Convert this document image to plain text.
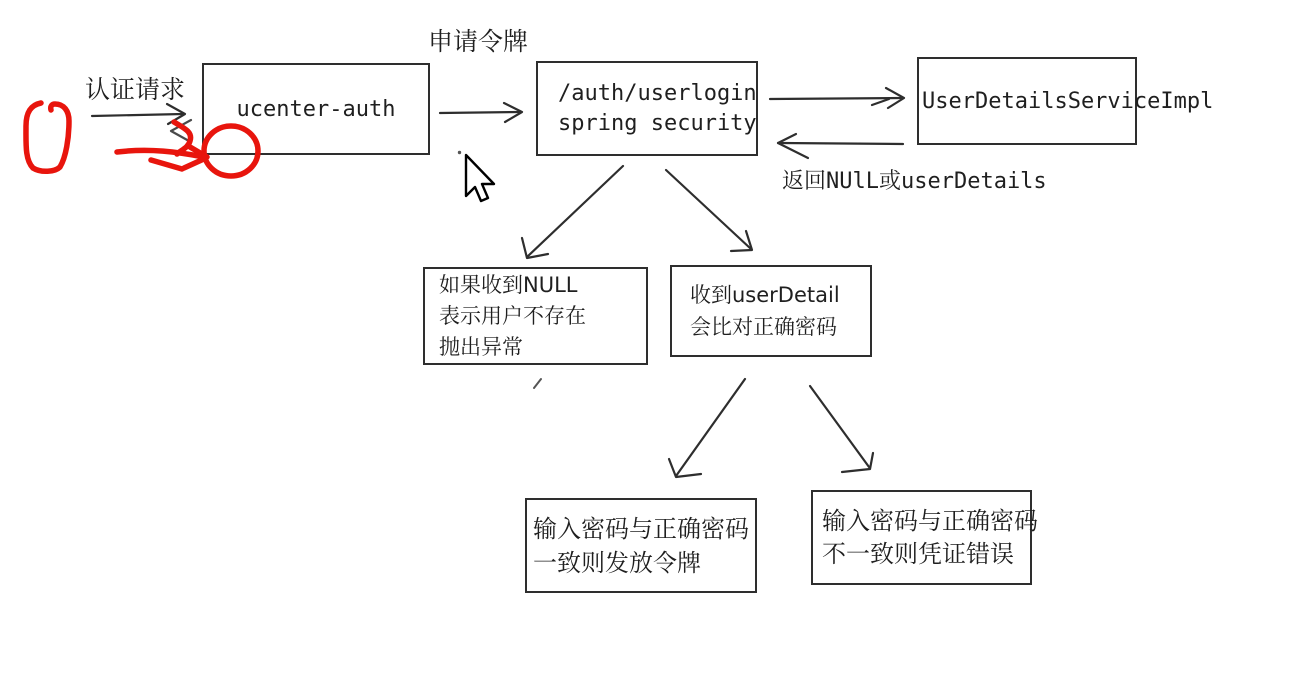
认证请求
申请令牌
返回NUlL或userDetails
ucenter-auth
/auth/userlogin
spring security
UserDetailsServiceImpl
如果收到NULL
表示用户不存在
抛出异常
收到userDetail
会比对正确密码
输入密码与正确密码
一致则发放令牌
输入密码与正确密码
不一致则凭证错误
